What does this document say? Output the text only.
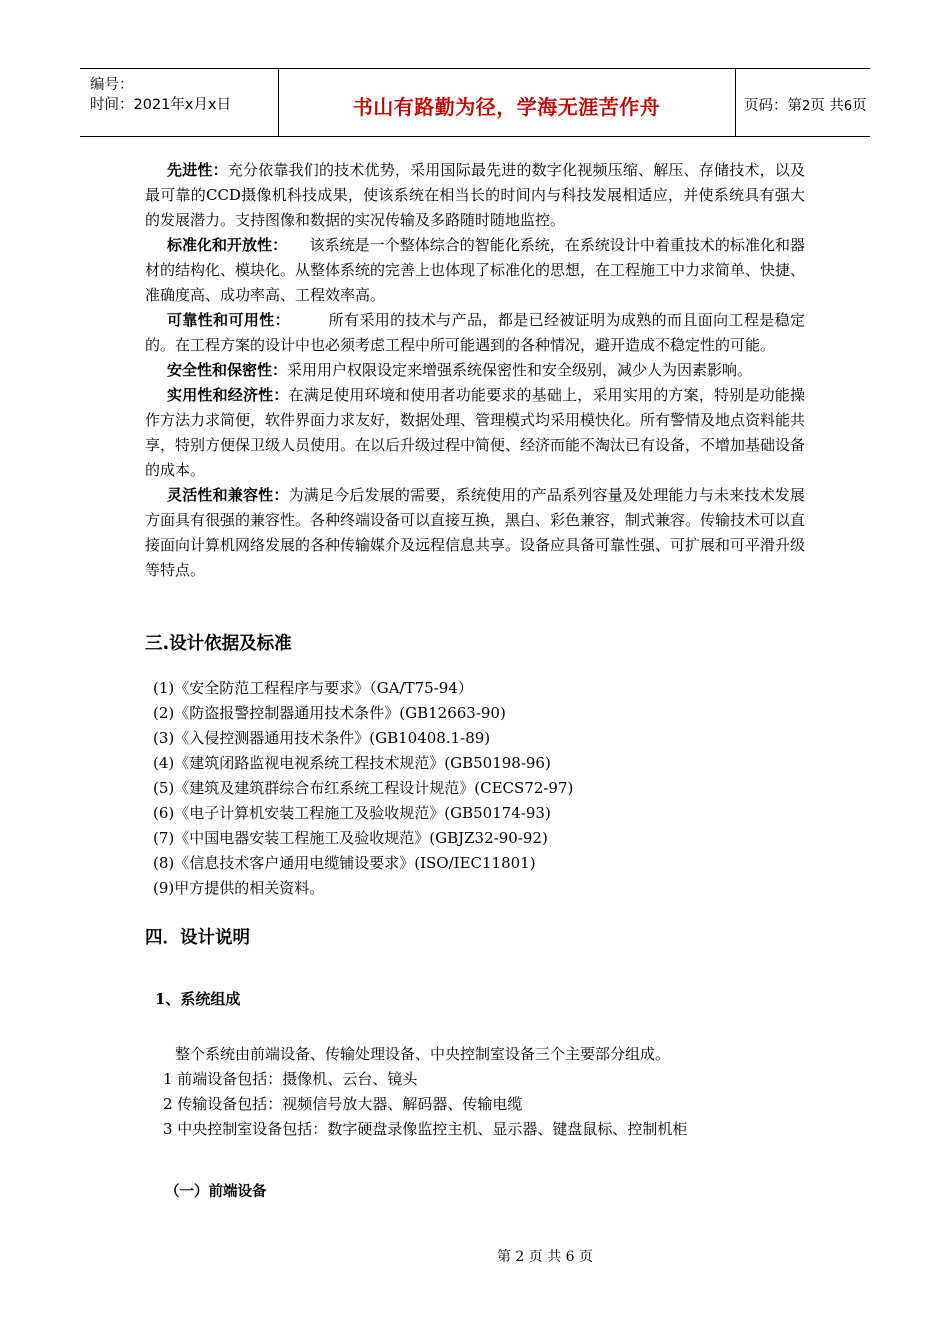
编号：
时间：2021年x月x日	书山有路勤为径，学海无涯苦作舟	页码：第2页 共6页

先进性：充分依靠我们的技术优势，采用国际最先进的数字化视频压缩、解压、存储技术，以及最可靠的CCD摄像机科技成果，使该系统在相当长的时间内与科技发展相适应，并使系统具有强大的发展潜力。支持图像和数据的实况传输及多路随时随地监控。

标准化和开放性：　　该系统是一个整体综合的智能化系统，在系统设计中着重技术的标准化和器材的结构化、模块化。从整体系统的完善上也体现了标准化的思想，在工程施工中力求简单、快捷、准确度高、成功率高、工程效率高。

可靠性和可用性：　　　所有采用的技术与产品，都是已经被证明为成熟的而且面向工程是稳定的。在工程方案的设计中也必须考虑工程中所可能遇到的各种情况，避开造成不稳定性的可能。

安全性和保密性：采用用户权限设定来增强系统保密性和安全级别，减少人为因素影响。

实用性和经济性：在满足使用环境和使用者功能要求的基础上，采用实用的方案，特别是功能操作方法力求简便，软件界面力求友好，数据处理、管理模式均采用模快化。所有警情及地点资料能共享，特别方便保卫级人员使用。在以后升级过程中简便、经济而能不淘汰已有设备，不增加基础设备的成本。

灵活性和兼容性：为满足今后发展的需要，系统使用的产品系列容量及处理能力与未来技术发展方面具有很强的兼容性。各种终端设备可以直接互换，黑白、彩色兼容，制式兼容。传输技术可以直接面向计算机网络发展的各种传输媒介及远程信息共享。设备应具备可靠性强、可扩展和可平滑升级等特点。

三.设计依据及标准
(1)《安全防范工程程序与要求》（GA/T75-94）
(2)《防盗报警控制器通用技术条件》(GB12663-90)
(3)《入侵控测器通用技术条件》(GB10408.1-89)
(4)《建筑闭路监视电视系统工程技术规范》(GB50198-96)
(5)《建筑及建筑群综合布红系统工程设计规范》(CECS72-97)
(6)《电子计算机安装工程施工及验收规范》(GB50174-93)
(7)《中国电器安装工程施工及验收规范》(GBJZ32-90-92)
(8)《信息技术客户通用电缆铺设要求》(ISO/IEC11801)
(9)甲方提供的相关资料。
四．设计说明
1、系统组成
整个系统由前端设备、传输处理设备、中央控制室设备三个主要部分组成。
1 前端设备包括：摄像机、云台、镜头
2 传输设备包括：视频信号放大器、解码器、传输电缆
3 中央控制室设备包括：数字硬盘录像监控主机、显示器、键盘鼠标、控制机柜
（一）前端设备
第 2 页 共 6 页
